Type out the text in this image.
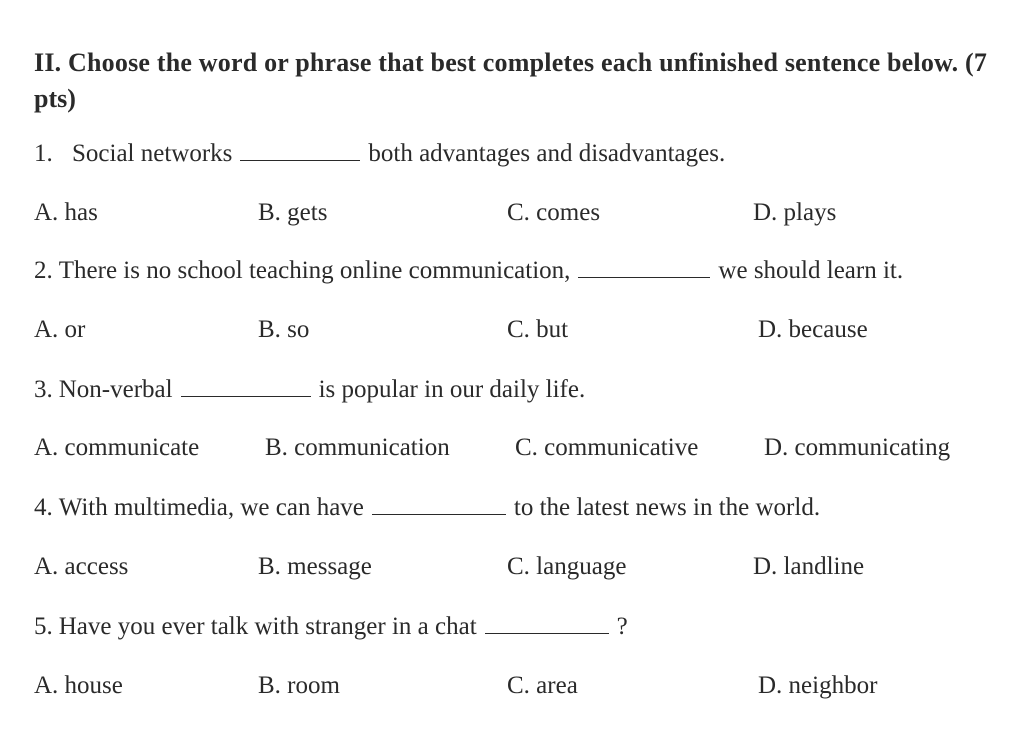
II. Choose the word or phrase that best completes each unfinished sentence below. (7
pts)
1. Social networks	both advantages and disadvantages.
A. has	B. gets	C. comes	D. plays
2. There is no school teaching online communication,	we should learn it.
A. or	B. so	C. but	D. because
3. Non-verbal	is popular in our daily life.
A. communicate	B. communication	C. communicative	D. communicating
4. With multimedia, we can have	to the latest news in the world.
A. access	B. message	C. language	D. landline
5. Have you ever talk with stranger in a chat	?
A. house	B. room	C. area	D. neighbor
